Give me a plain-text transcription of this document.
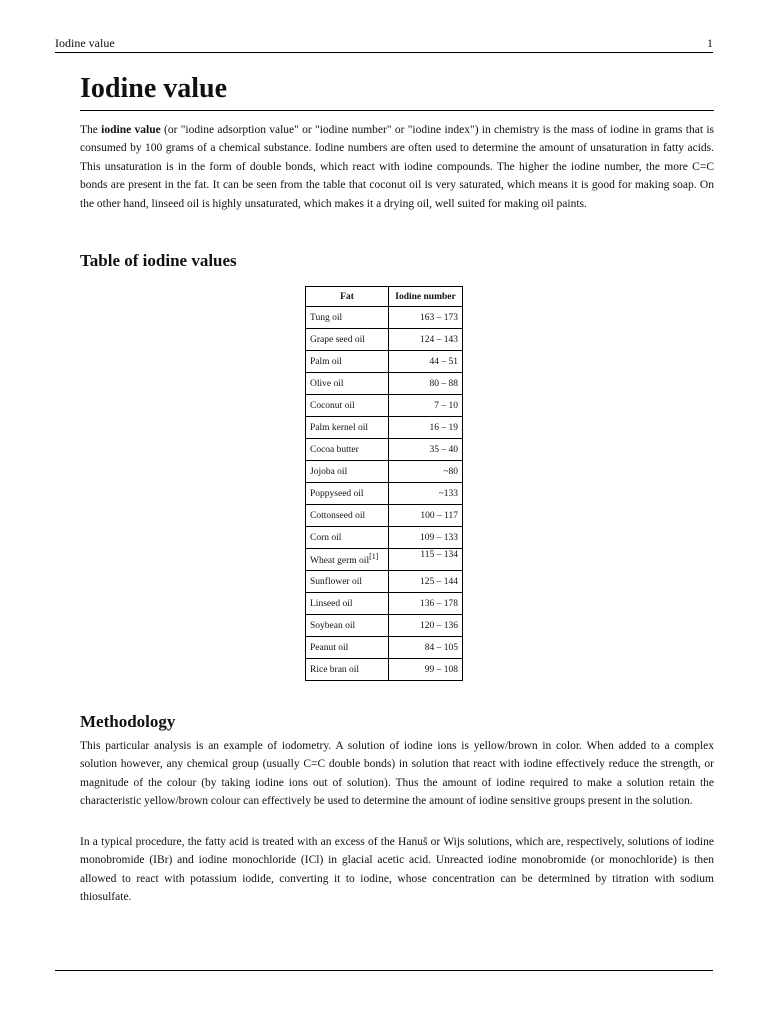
Iodine value	1
Iodine value

The iodine value (or "iodine adsorption value" or "iodine number" or "iodine index") in chemistry is the mass of iodine in grams that is consumed by 100 grams of a chemical substance. Iodine numbers are often used to determine the amount of unsaturation in fatty acids. This unsaturation is in the form of double bonds, which react with iodine compounds. The higher the iodine number, the more C=C bonds are present in the fat. It can be seen from the table that coconut oil is very saturated, which means it is good for making soap. On the other hand, linseed oil is highly unsaturated, which makes it a drying oil, well suited for making oil paints.

Table of iodine values
Fat	Iodine number
Tung oil	163 – 173
Grape seed oil	124 – 143
Palm oil	44 – 51
Olive oil	80 – 88
Coconut oil	7 – 10
Palm kernel oil	16 – 19
Cocoa butter	35 – 40
Jojoba oil	~80
Poppyseed oil	~133
Cottonseed oil	100 – 117
Corn oil	109 – 133
Wheat germ oil[1]	115 – 134
Sunflower oil	125 – 144
Linseed oil	136 – 178
Soybean oil	120 – 136
Peanut oil	84 – 105
Rice bran oil	99 – 108
Methodology

This particular analysis is an example of iodometry. A solution of iodine ions is yellow/brown in color. When added to a complex solution however, any chemical group (usually C=C double bonds) in solution that react with iodine effectively reduce the strength, or magnitude of the colour (by taking iodine ions out of solution). Thus the amount of iodine required to make a solution retain the characteristic yellow/brown colour can effectively be used to determine the amount of iodine sensitive groups present in the solution.

In a typical procedure, the fatty acid is treated with an excess of the Hanuš or Wijs solutions, which are, respectively, solutions of iodine monobromide (IBr) and iodine monochloride (ICl) in glacial acetic acid. Unreacted iodine monobromide (or monochloride) is then allowed to react with potassium iodide, converting it to iodine, whose concentration can be determined by titration with sodium thiosulfate.
